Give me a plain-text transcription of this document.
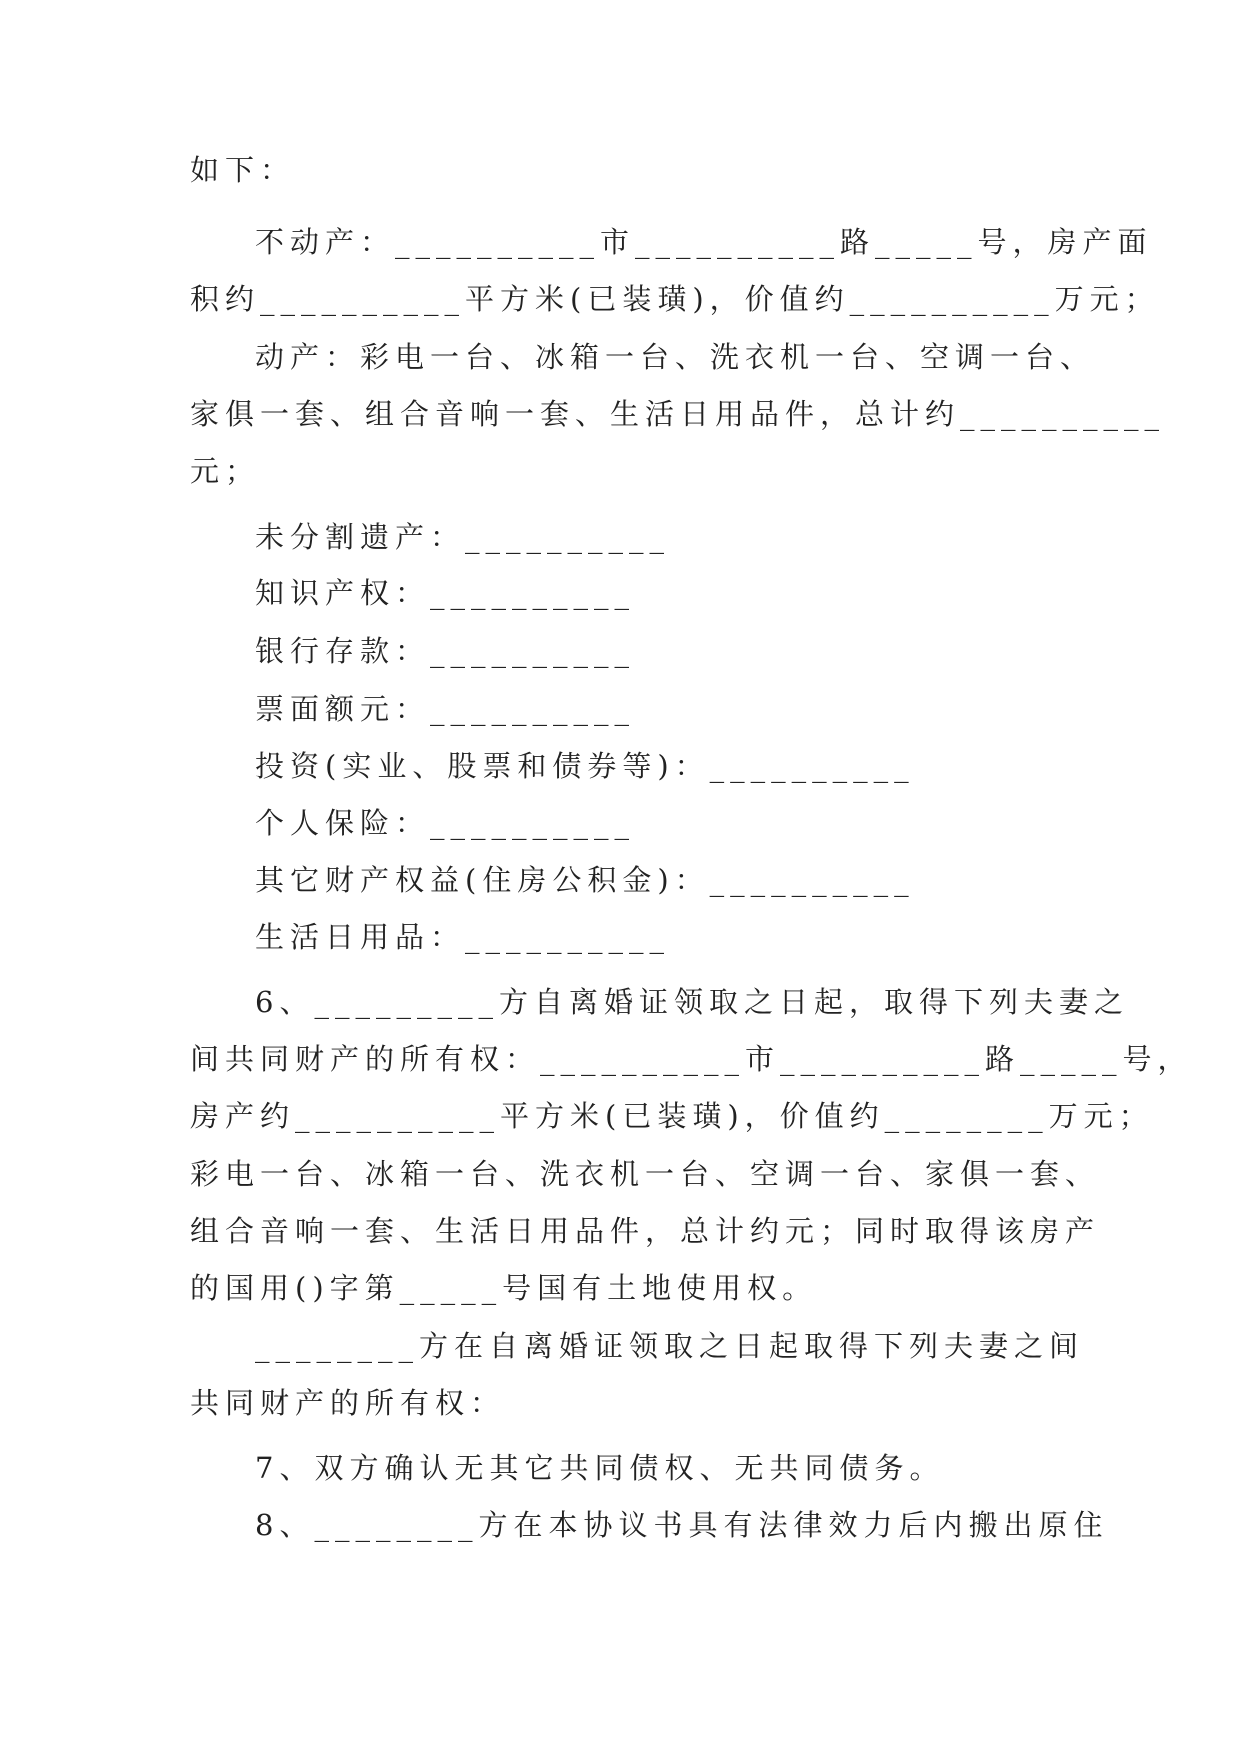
如下：
不动产：__________市__________路_____号，房产面
积约__________平方米(已装璜)，价值约__________万元；
动产：彩电一台、冰箱一台、洗衣机一台、空调一台、
家俱一套、组合音响一套、生活日用品件，总计约__________
元；
未分割遗产：__________
知识产权：__________
银行存款：__________
票面额元：__________
投资(实业、股票和债券等)：__________
个人保险：__________
其它财产权益(住房公积金)：__________
生活日用品：__________
6、_________方自离婚证领取之日起，取得下列夫妻之
间共同财产的所有权：__________市__________路_____号，
房产约__________平方米(已装璜)，价值约________万元；
彩电一台、冰箱一台、洗衣机一台、空调一台、家俱一套、
组合音响一套、生活日用品件，总计约元；同时取得该房产
的国用()字第_____号国有土地使用权。
________方在自离婚证领取之日起取得下列夫妻之间
共同财产的所有权：
7、双方确认无其它共同债权、无共同债务。
8、________方在本协议书具有法律效力后内搬出原住
